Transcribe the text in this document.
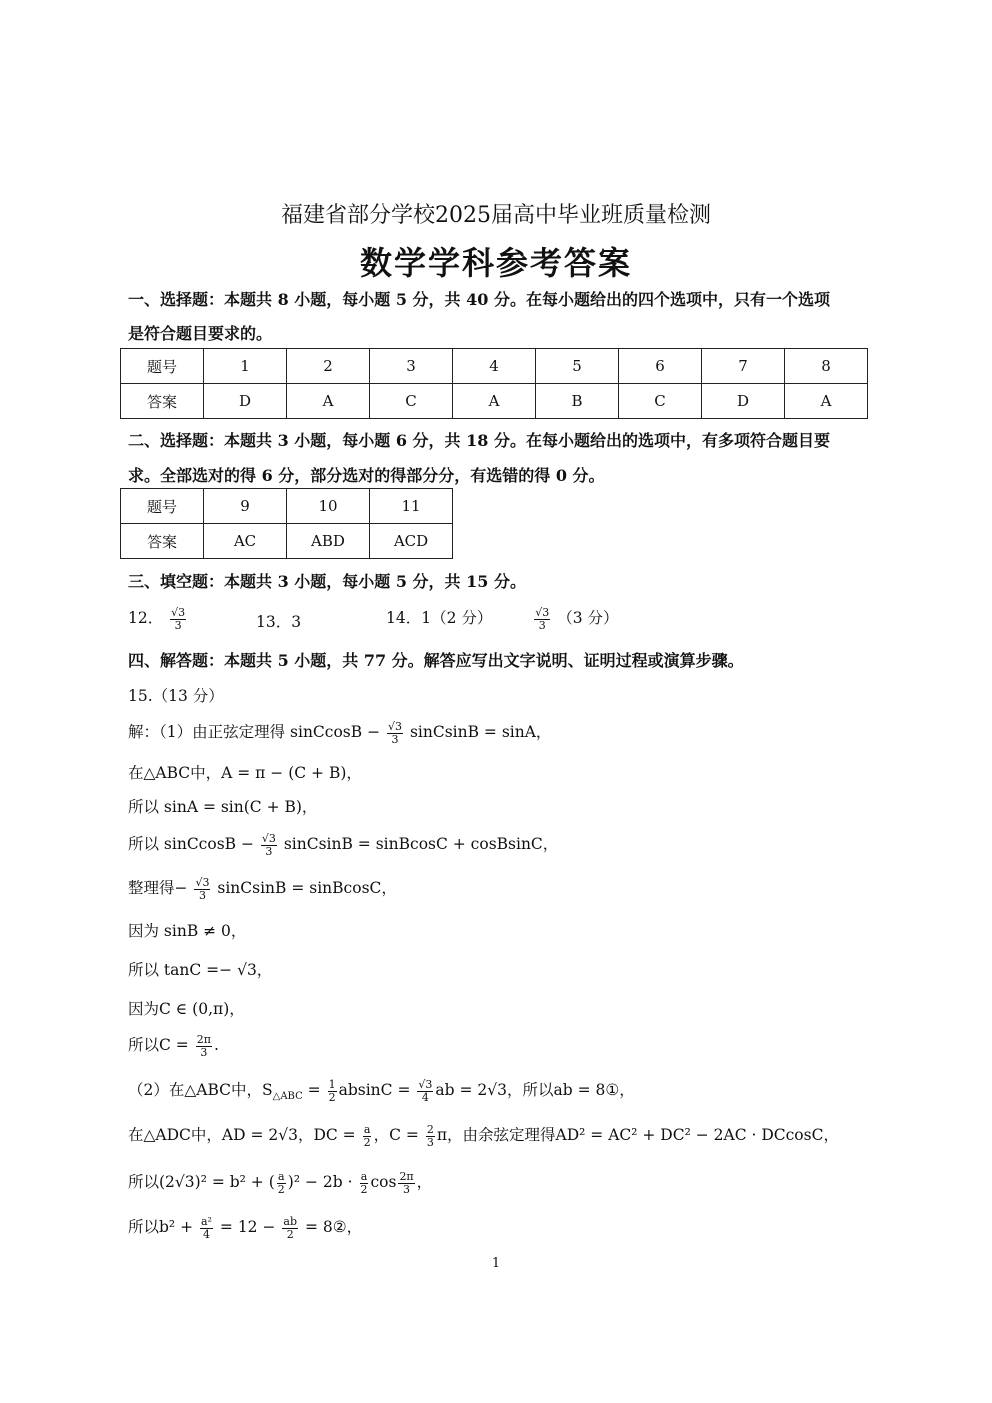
福建省部分学校2025届高中毕业班质量检测
数学学科参考答案
一、选择题：本题共 8 小题，每小题 5 分，共 40 分。在每小题给出的四个选项中，只有一个选项
是符合题目要求的。
题号	1	2	3	4	5	6	7	8
答案	D	A	C	A	B	C	D	A
二、选择题：本题共 3 小题，每小题 6 分，共 18 分。在每小题给出的选项中，有多项符合题目要
求。全部选对的得 6 分，部分选对的得部分分，有选错的得 0 分。
题号	9	10	11
答案	AC	ABD	ACD
三、填空题：本题共 3 小题，每小题 5 分，共 15 分。
12． $\frac{√3}{3}$	13．3	14．1（2 分）	$\frac{√3}{3} (3$ 分）
四、解答题：本题共 5 小题，共 77 分。解答应写出文字说明、证明过程或演算步骤。
15.（13 分）
解：（1）由正弦定理得 sinCcosB − $\frac{√3}{3}$ sinCsinB = sinA，
在△ABC中，A = π − (C + B)，
所以 sinA = sin(C + B)，
所以 sinCcosB − $\frac{√3}{3}$ sinCsinB = sinBcosC + cosBsinC，
整理得− $\frac{√3}{3}$ sinCsinB = sinBcosC，
因为 sinB ≠ 0，
所以 tanC =− √3，
因为C ∈ (0,π)，
所以$C = \frac{2\pi}{3}$ .
（2）在△ABC中，$S_{\triangle ABC} = \frac{1}{2}$ $absinC = \frac{√3}{4}$ ab = 2√3，所以ab = 8①，
在△ADC中，AD = 2√3，DC = $\frac{a}{2}$ ，$C = \frac{2}{3}$ π，由余弦定理得AD² = AC² + DC² − 2AC · DCcosC，
所以(2√3)² = b² + ( $\frac{a}{2} )^2 - 2b \cdot \frac{a}{2}$ $\cos \frac{2\pi}{3}$ ，
所以$b^2 + \frac{\text{a²}}{4} = 12 - \frac{ab}{2}$ = 8②，
1
